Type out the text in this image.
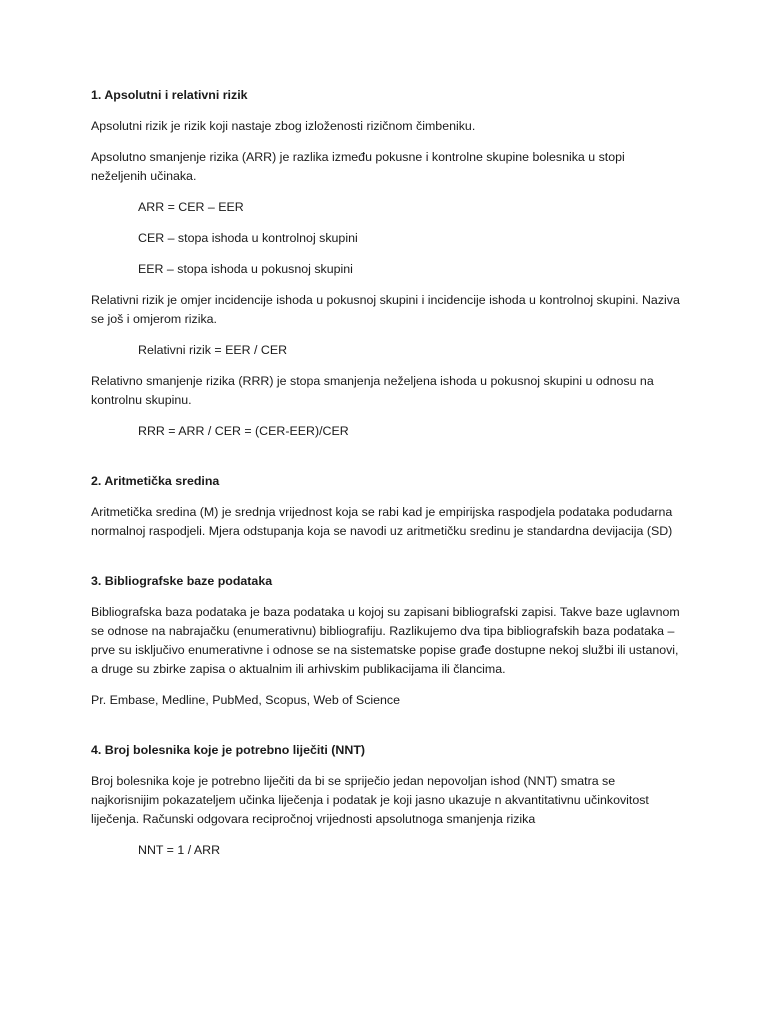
1. Apsolutni i relativni rizik

Apsolutni rizik je rizik koji nastaje zbog izloženosti rizičnom čimbeniku.

Apsolutno smanjenje rizika (ARR) je razlika između pokusne i kontrolne skupine bolesnika u stopi neželjenih učinaka.

ARR = CER – EER

CER – stopa ishoda u kontrolnoj skupini

EER – stopa ishoda u pokusnoj skupini

Relativni rizik je omjer incidencije ishoda u pokusnoj skupini i incidencije ishoda u kontrolnoj skupini. Naziva se još i omjerom rizika.

Relativni rizik = EER / CER

Relativno smanjenje rizika (RRR) je stopa smanjenja neželjena ishoda u pokusnoj skupini u odnosu na kontrolnu skupinu.

RRR = ARR / CER = (CER-EER)/CER

2. Aritmetička sredina

Aritmetička sredina (M) je srednja vrijednost koja se rabi kad je empirijska raspodjela podataka podudarna normalnoj raspodjeli. Mjera odstupanja koja se navodi uz aritmetičku sredinu je standardna devijacija (SD)

3. Bibliografske baze podataka

Bibliografska baza podataka je baza podataka u kojoj su zapisani bibliografski zapisi. Takve baze uglavnom se odnose na nabrajačku (enumerativnu) bibliografiju. Razlikujemo dva tipa bibliografskih baza podataka – prve su isključivo enumerativne i odnose se na sistematske popise građe dostupne nekoj službi ili ustanovi, a druge su zbirke zapisa o aktualnim ili arhivskim publikacijama ili člancima.

Pr. Embase, Medline, PubMed, Scopus, Web of Science

4. Broj bolesnika koje je potrebno liječiti (NNT)

Broj bolesnika koje je potrebno liječiti da bi se spriječio jedan nepovoljan ishod (NNT) smatra se najkorisnijim pokazateljem učinka liječenja i podatak je koji jasno ukazuje n akvantitativnu učinkovitost liječenja. Računski odgovara recipročnoj vrijednosti apsolutnoga smanjenja rizika

NNT = 1 / ARR
